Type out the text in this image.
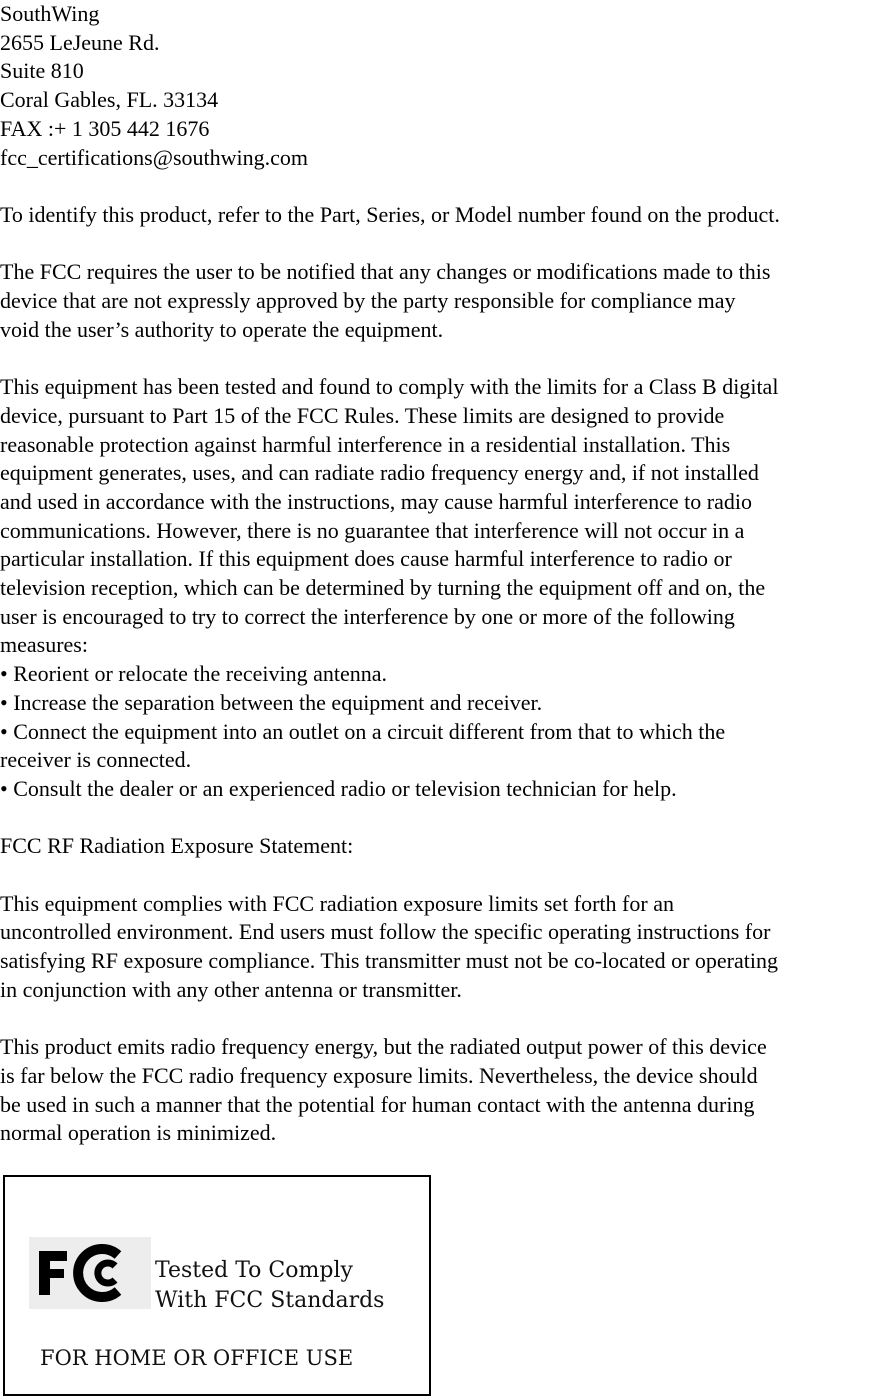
SouthWing

2655 LeJeune Rd.

Suite 810

Coral Gables, FL. 33134

FAX :+ 1 305 442 1676

fcc_certifications@southwing.com

To identify this product, refer to the Part, Series, or Model number found on the product.

The FCC requires the user to be notified that any changes or modifications made to this

device that are not expressly approved by the party responsible for compliance may

void the user’s authority to operate the equipment.

This equipment has been tested and found to comply with the limits for a Class B digital

device, pursuant to Part 15 of the FCC Rules. These limits are designed to provide

reasonable protection against harmful interference in a residential installation. This

equipment generates, uses, and can radiate radio frequency energy and, if not installed

and used in accordance with the instructions, may cause harmful interference to radio

communications. However, there is no guarantee that interference will not occur in a

particular installation. If this equipment does cause harmful interference to radio or

television reception, which can be determined by turning the equipment off and on, the

user is encouraged to try to correct the interference by one or more of the following

measures:

• Reorient or relocate the receiving antenna.

• Increase the separation between the equipment and receiver.

• Connect the equipment into an outlet on a circuit different from that to which the

receiver is connected.

• Consult the dealer or an experienced radio or television technician for help.

FCC RF Radiation Exposure Statement:

This equipment complies with FCC radiation exposure limits set forth for an

uncontrolled environment. End users must follow the specific operating instructions for

satisfying RF exposure compliance. This transmitter must not be co-located or operating

in conjunction with any other antenna or transmitter.

This product emits radio frequency energy, but the radiated output power of this device

is far below the FCC radio frequency exposure limits. Nevertheless, the device should

be used in such a manner that the potential for human contact with the antenna during

normal operation is minimized.

FC
Tested To Comply
With FCC Standards
FOR HOME OR OFFICE USE
